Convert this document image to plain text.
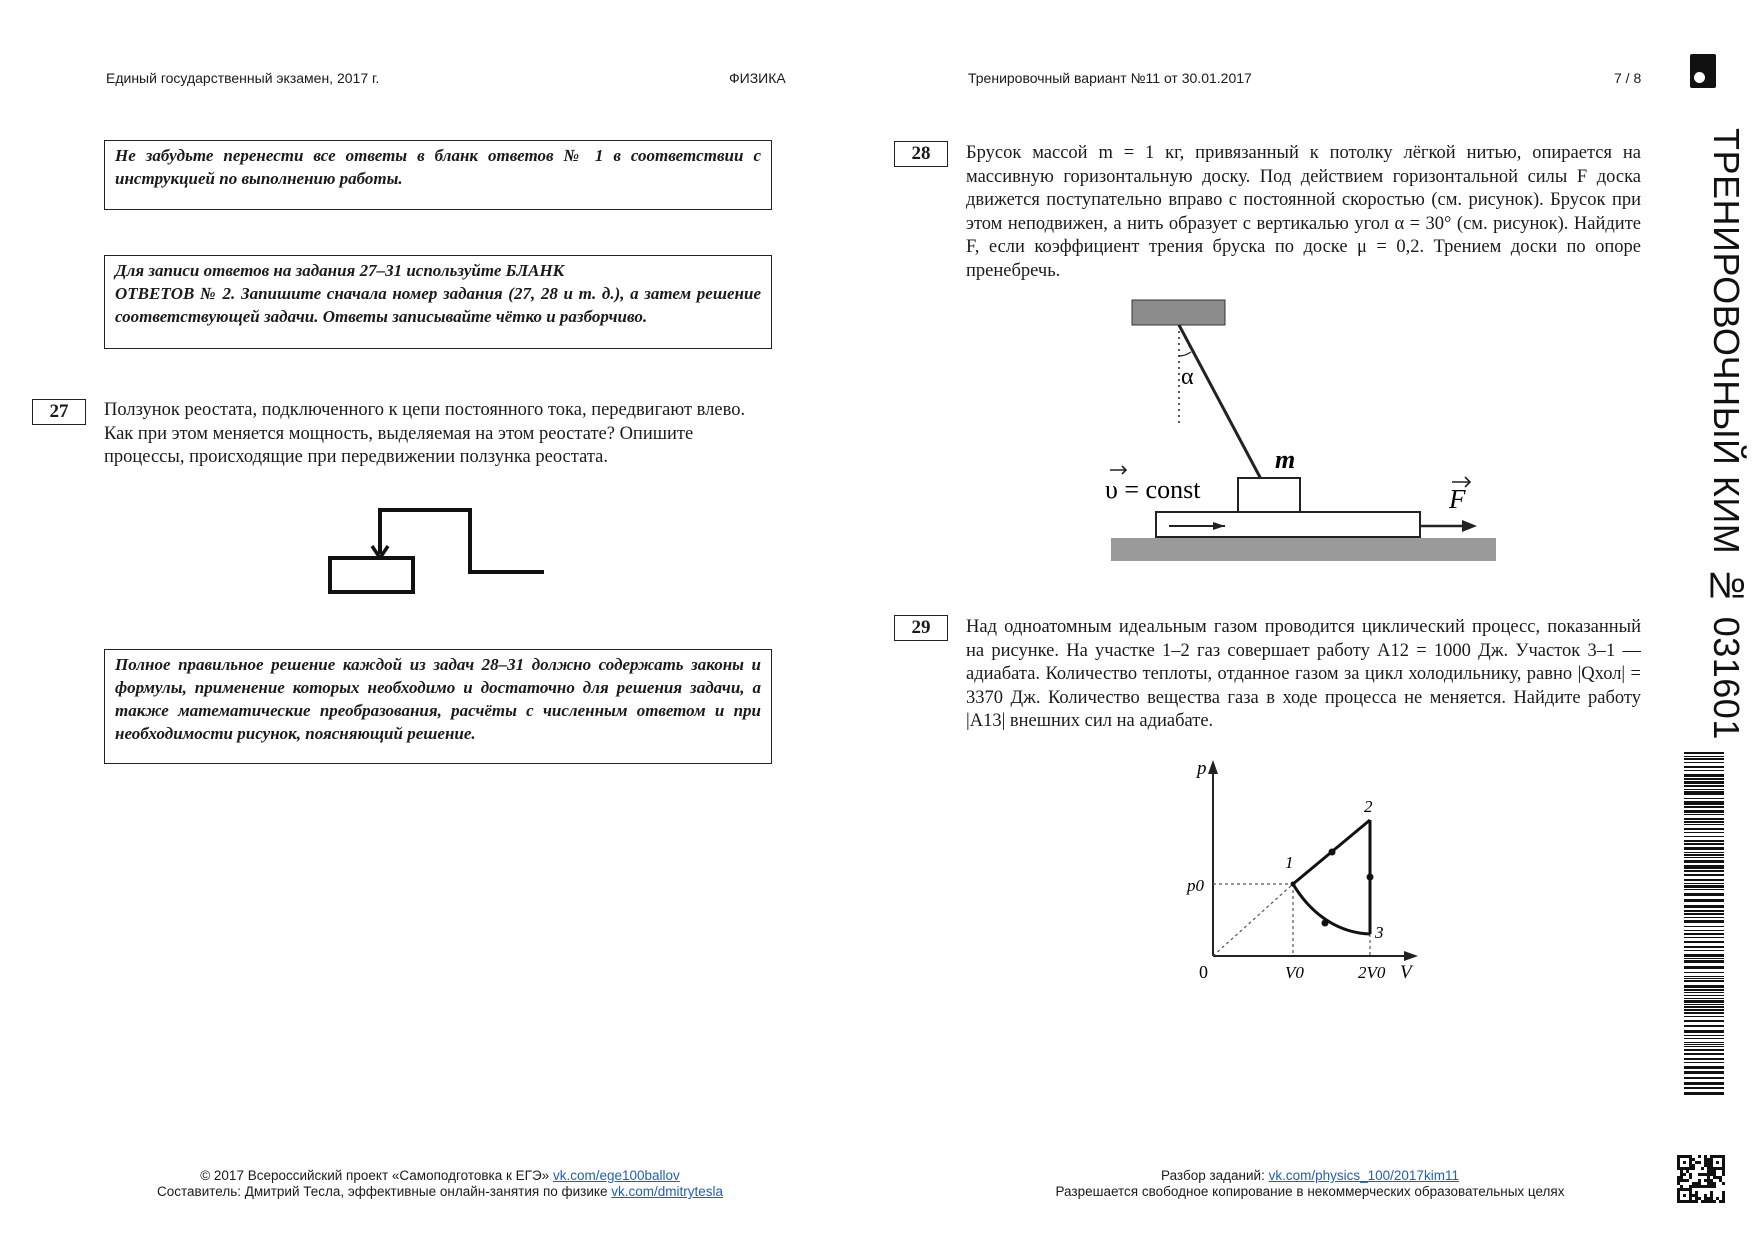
Единый государственный экзамен, 2017 г.	ФИЗИКА	Тренировочный вариант №11 от 30.01.2017	7 / 8
ТРЕНИРОВОЧНЫЙ КИМ № 031601

Не забудьте перенести все ответы в бланк ответов № 1 в соответствии с инструкцией по выполнению работы.

Для записи ответов на задания 27–31 используйте БЛАНК

ОТВЕТОВ № 2. Запишите сначала номер задания (27, 28 и т. д.), а затем решение соответствующей задачи. Ответы записывайте чётко и разборчиво.

27	Ползунок реостата, подключенного к цепи постоянного тока, передвигают влево. Как при этом меняется мощность, выделяемая на этом реостате? Опишите процессы, происходящие при передвижении ползунка реостата.

Полное правильное решение каждой из задач 28–31 должно содержать законы и формулы, применение которых необходимо и достаточно для решения задачи, а также математические преобразования, расчёты с численным ответом и при необходимости рисунок, поясняющий решение.

28	Брусок массой m = 1 кг, привязанный к потолку лёгкой нитью, опирается на массивную горизонтальную доску. Под действием горизонтальной силы F доска движется поступательно вправо с постоянной скоростью (см. рисунок). Брусок при этом неподвижен, а нить образует с вертикалью угол α = 30° (см. рисунок). Найдите F, если коэффициент трения бруска по доске μ = 0,2. Трением доски по опоре пренебречь.

α
m
υ = const	F
29	Над одноатомным идеальным газом проводится циклический процесс, показанный на рисунке. На участке 1–2 газ совершает работу A12 = 1000 Дж. Участок 3–1 — адиабата. Количество теплоты, отданное газом за цикл холодильнику, равно |Qхол| = 3370 Дж. Количество вещества газа в ходе процесса не меняется. Найдите работу |A13| внешних сил на адиабате.

p
V
0
p0
V0	2V0
1
2
3
© 2017 Всероссийский проект «Самоподготовка к ЕГЭ» vk.com/ege100ballov
Составитель: Дмитрий Тесла, эффективные онлайн-занятия по физике vk.com/dmitrytesla
Разбор заданий: vk.com/physics_100/2017kim11
Разрешается свободное копирование в некоммерческих образовательных целях
